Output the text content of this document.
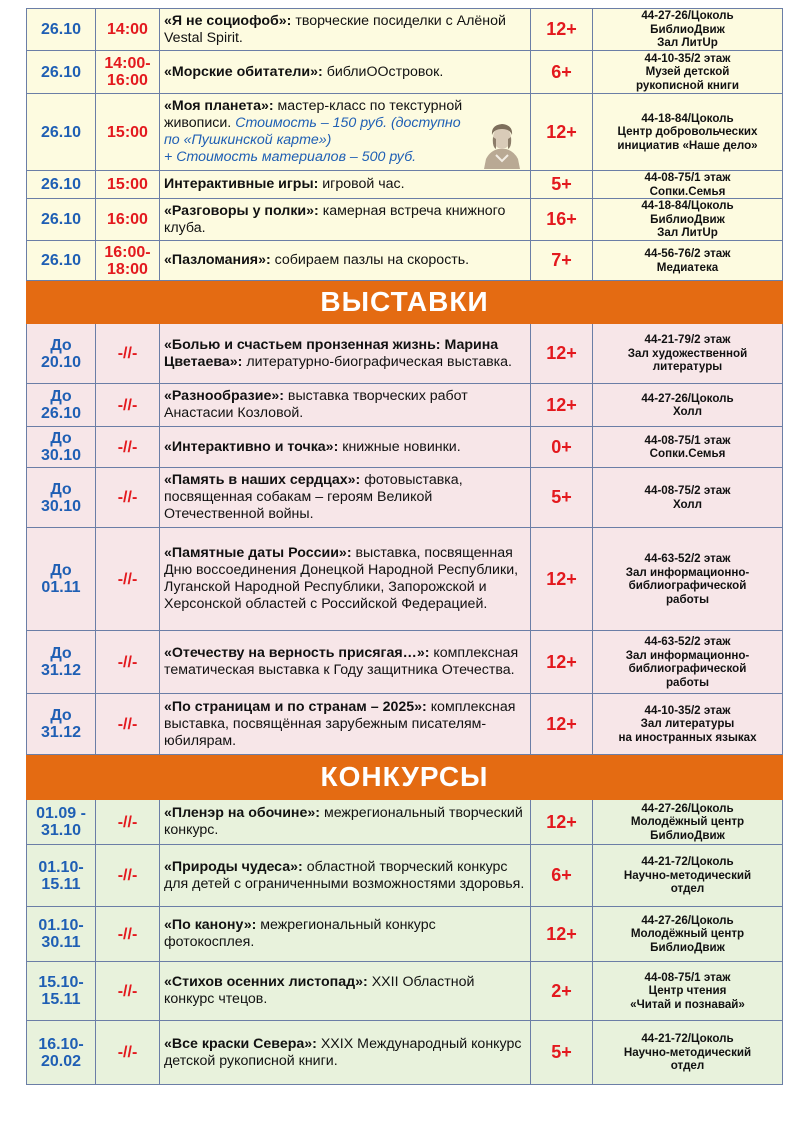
26.10	14:00	«Я не социофоб»: творческие посиделки с Алёной Vestal Spirit.	12+	44-27-26/Цоколь
БиблиоДвиж
Зал ЛитUp
26.10	14:00-16:00	«Морские обитатели»: библиООстровок.	6+	44-10-35/2 этаж
Музей детской
рукописной книги
26.10	15:00	«Моя планета»: мастер-класс по текстурной живописи. Стоимость – 150 руб. (доступно по «Пушкинской карте»)
+ Стоимость материалов – 500 руб.	12+	44-18-84/Цоколь
Центр добровольческих
инициатив «Наше дело»
26.10	15:00	Интерактивные игры: игровой час.	5+	44-08-75/1 этаж
Сопки.Семья
26.10	16:00	«Разговоры у полки»: камерная встреча книжного клуба.	16+	44-18-84/Цоколь
БиблиоДвиж
Зал ЛитUp
26.10	16:00-18:00	«Пазломания»: собираем пазлы на скорость.	7+	44-56-76/2 этаж
Медиатека
ВЫСТАВКИ				
До 20.10	-//-	«Болью и счастьем пронзенная жизнь: Марина Цветаева»: литературно-биографическая выставка.	12+	44-21-79/2 этаж
Зал художественной
литературы
До 26.10	-//-	«Разнообразие»: выставка творческих работ Анастасии Козловой.	12+	44-27-26/Цоколь
Холл
До 30.10	-//-	«Интерактивно и точка»: книжные новинки.	0+	44-08-75/1 этаж
Сопки.Семья
До 30.10	-//-	«Память в наших сердцах»: фотовыставка, посвященная собакам – героям Великой Отечественной войны.	5+	44-08-75/2 этаж
Холл
До 01.11	-//-	«Памятные даты России»: выставка, посвященная Дню воссоединения Донецкой Народной Республики, Луганской Народной Республики, Запорожской и Херсонской областей с Российской Федерацией.	12+	44-63-52/2 этаж
Зал информационно-
библиографической
работы
До 31.12	-//-	«Отечеству на верность присягая…»: комплексная тематическая выставка к Году защитника Отечества.	12+	44-63-52/2 этаж
Зал информационно-
библиографической
работы
До 31.12	-//-	«По страницам и по странам – 2025»: комплексная выставка, посвящённая зарубежным писателям-юбилярам.	12+	44-10-35/2 этаж
Зал литературы
на иностранных языках
КОНКУРСЫ				
01.09 - 31.10	-//-	«Пленэр на обочине»: межрегиональный творческий конкурс.	12+	44-27-26/Цоколь
Молодёжный центр
БиблиоДвиж
01.10-15.11	-//-	«Природы чудеса»: областной творческий конкурс для детей с ограниченными возможностями здоровья.	6+	44-21-72/Цоколь
Научно-методический
отдел
01.10-30.11	-//-	«По канону»: межрегиональный конкурс фотокосплея.	12+	44-27-26/Цоколь
Молодёжный центр
БиблиоДвиж
15.10-15.11	-//-	«Стихов осенних листопад»: XXII Областной конкурс чтецов.	2+	44-08-75/1 этаж
Центр чтения
«Читай и познавай»
16.10-20.02	-//-	«Все краски Севера»: XXIX Международный конкурс детской рукописной книги.	5+	44-21-72/Цоколь
Научно-методический
отдел
